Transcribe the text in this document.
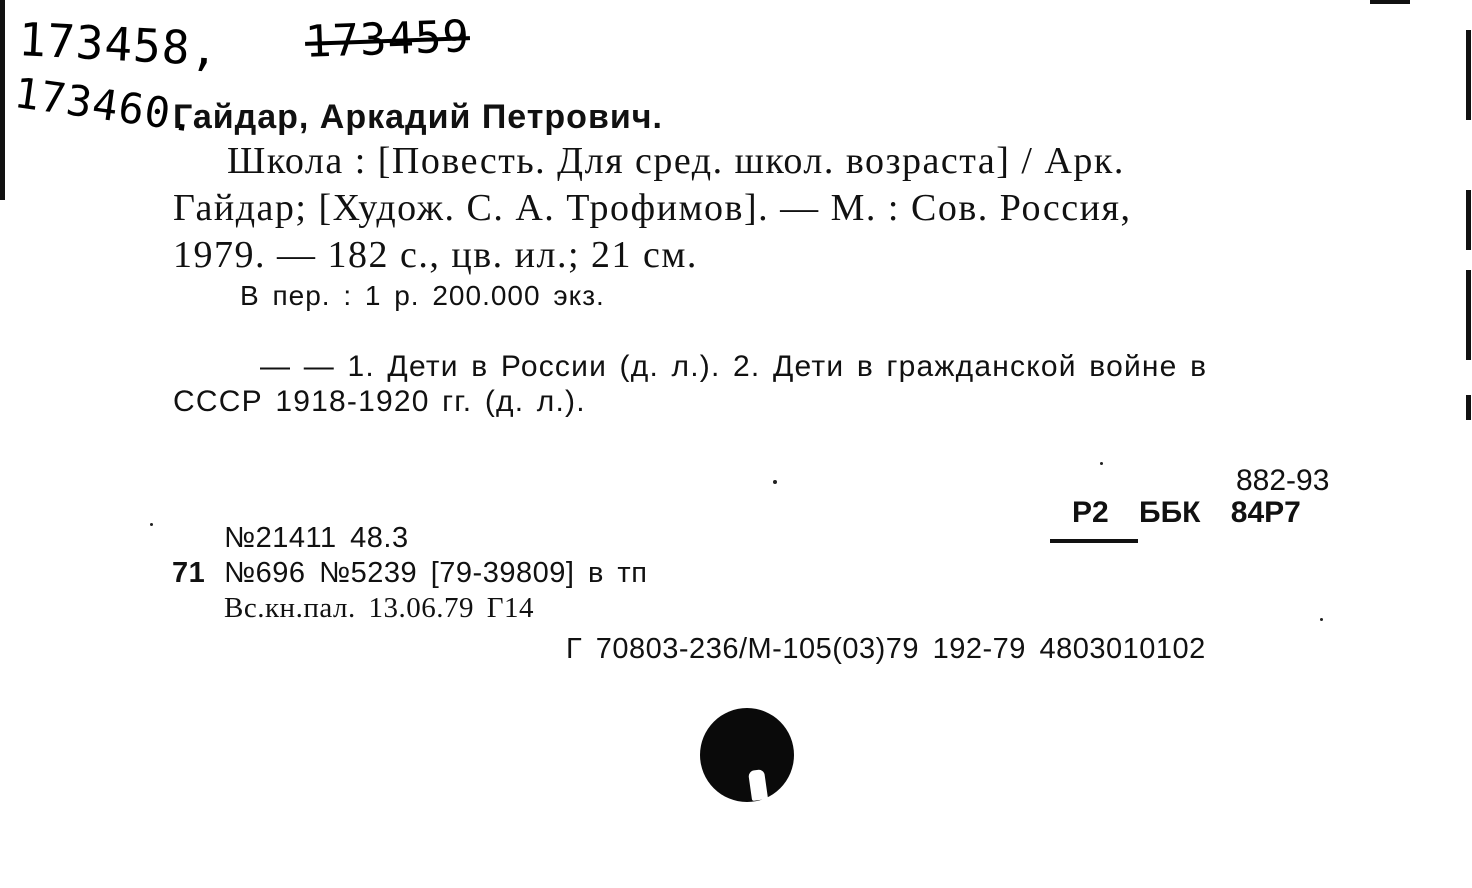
173458, 173459
173460.
Гайдар, Аркадий Петрович.
Школа : [Повесть. Для сред. школ. возраста] / Арк.
Гайдар; [Худож. С. А. Трофимов]. — М. : Сов. Россия,
1979. — 182 с., цв. ил.; 21 см.
В пер. : 1 р. 200.000 экз.
— — 1. Дети в России (д. л.). 2. Дети в гражданской войне в
СССР 1918-1920 гг. (д. л.).
882-93
Р2 ББК 84Р7
№21411 48.3
71 №696 №5239 [79-39809] в тп
Вс.кн.пал. 13.06.79 Г14
Г 70803-236/М-105(03)79 192-79 4803010102
